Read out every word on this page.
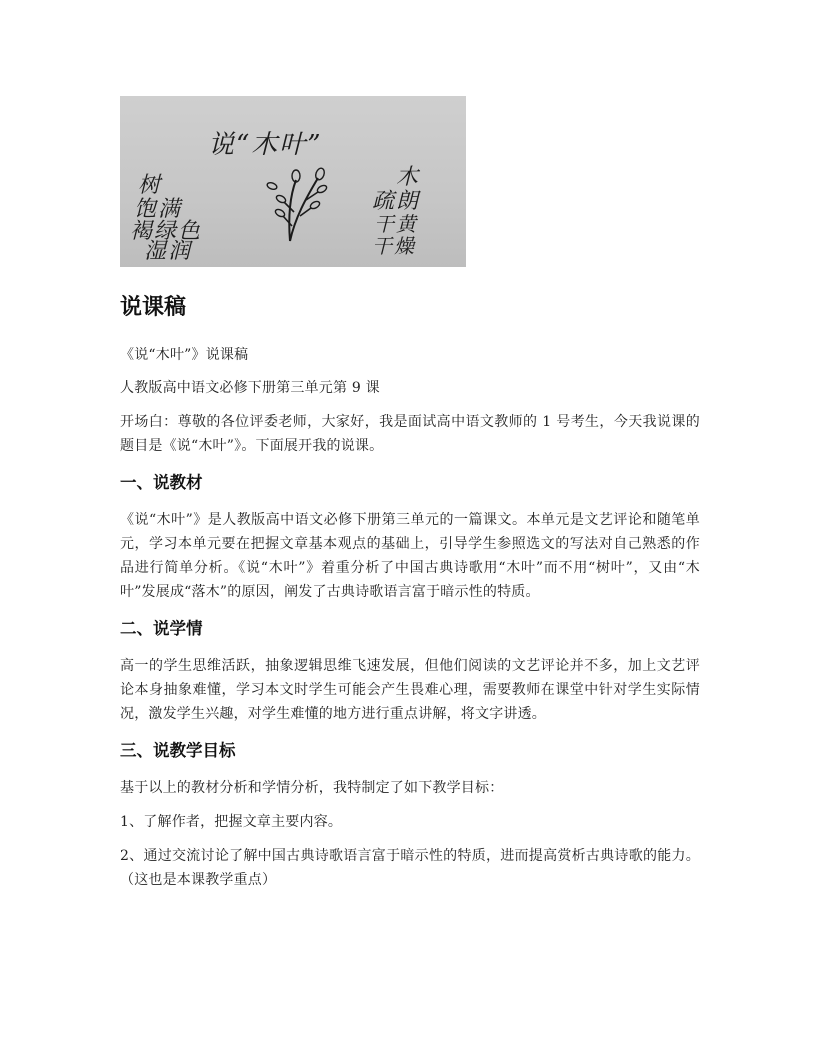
说“木叶”
树
饱满
褐绿色
湿润
木
疏朗
干黄
干燥
说课稿

《说“木叶”》说课稿

人教版高中语文必修下册第三单元第 9 课

开场白：尊敬的各位评委老师，大家好，我是面试高中语文教师的 1 号考生，今天我说课的题目是《说“木叶”》。下面展开我的说课。

一、说教材

《说“木叶”》是人教版高中语文必修下册第三单元的一篇课文。本单元是文艺评论和随笔单元，学习本单元要在把握文章基本观点的基础上，引导学生参照选文的写法对自己熟悉的作品进行简单分析。《说“木叶”》着重分析了中国古典诗歌用“木叶”而不用“树叶”，又由“木叶”发展成“落木”的原因，阐发了古典诗歌语言富于暗示性的特质。

二、说学情

高一的学生思维活跃，抽象逻辑思维飞速发展，但他们阅读的文艺评论并不多，加上文艺评论本身抽象难懂，学习本文时学生可能会产生畏难心理，需要教师在课堂中针对学生实际情况，激发学生兴趣，对学生难懂的地方进行重点讲解，将文字讲透。

三、说教学目标

基于以上的教材分析和学情分析，我特制定了如下教学目标：

1、了解作者，把握文章主要内容。

2、通过交流讨论了解中国古典诗歌语言富于暗示性的特质，进而提高赏析古典诗歌的能力。（这也是本课教学重点）
